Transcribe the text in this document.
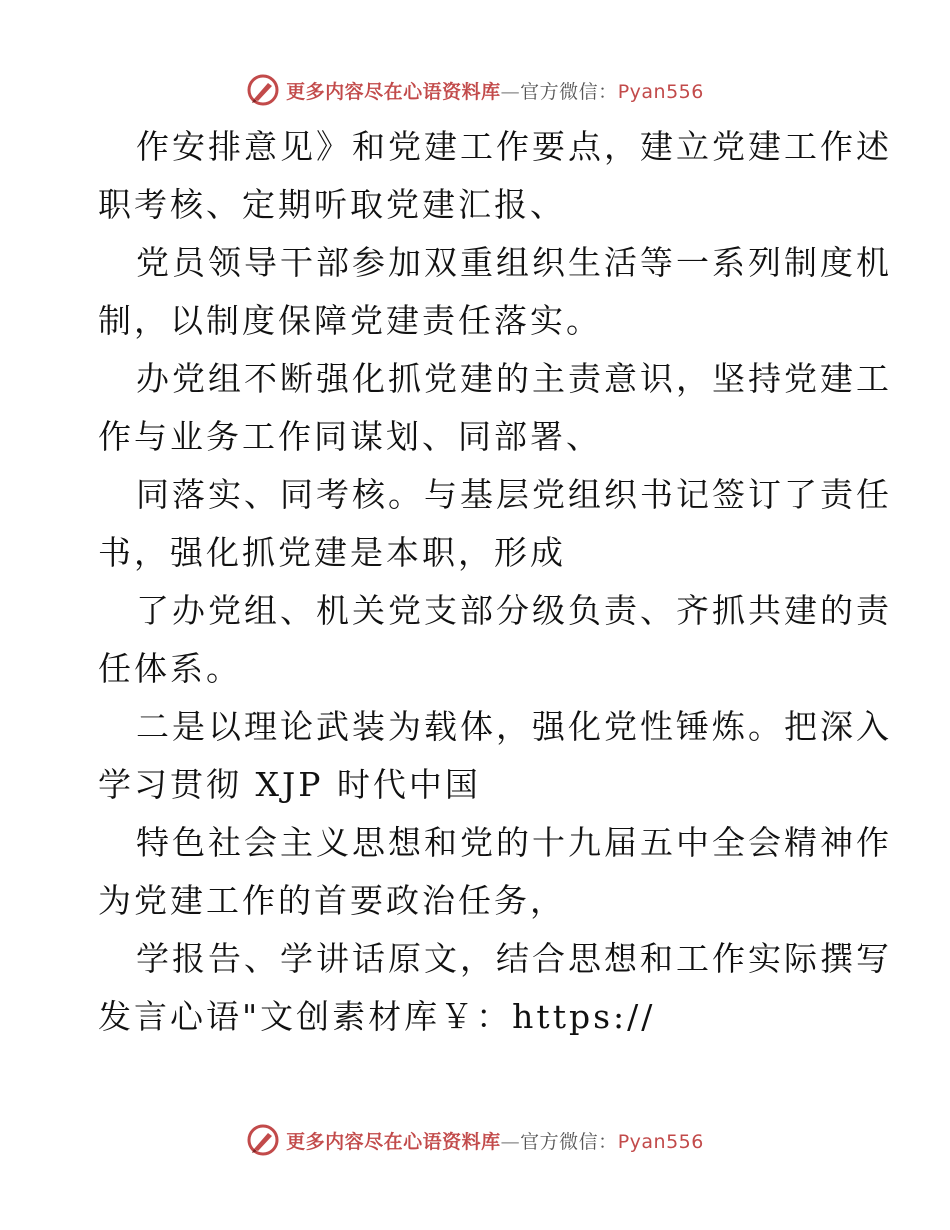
更多内容尽在心语资料库—官方微信：Pyan556
作安排意见》和党建工作要点，建立党建工作述
职考核、定期听取党建汇报、
党员领导干部参加双重组织生活等一系列制度机
制，以制度保障党建责任落实。
办党组不断强化抓党建的主责意识，坚持党建工
作与业务工作同谋划、同部署、
同落实、同考核。与基层党组织书记签订了责任
书，强化抓党建是本职，形成
了办党组、机关党支部分级负责、齐抓共建的责
任体系。
二是以理论武装为载体，强化党性锤炼。把深入
学习贯彻 XJP 时代中国
特色社会主义思想和党的十九届五中全会精神作
为党建工作的首要政治任务，
学报告、学讲话原文，结合思想和工作实际撰写
发言心语"文创素材库￥：https://
更多内容尽在心语资料库—官方微信：Pyan556
